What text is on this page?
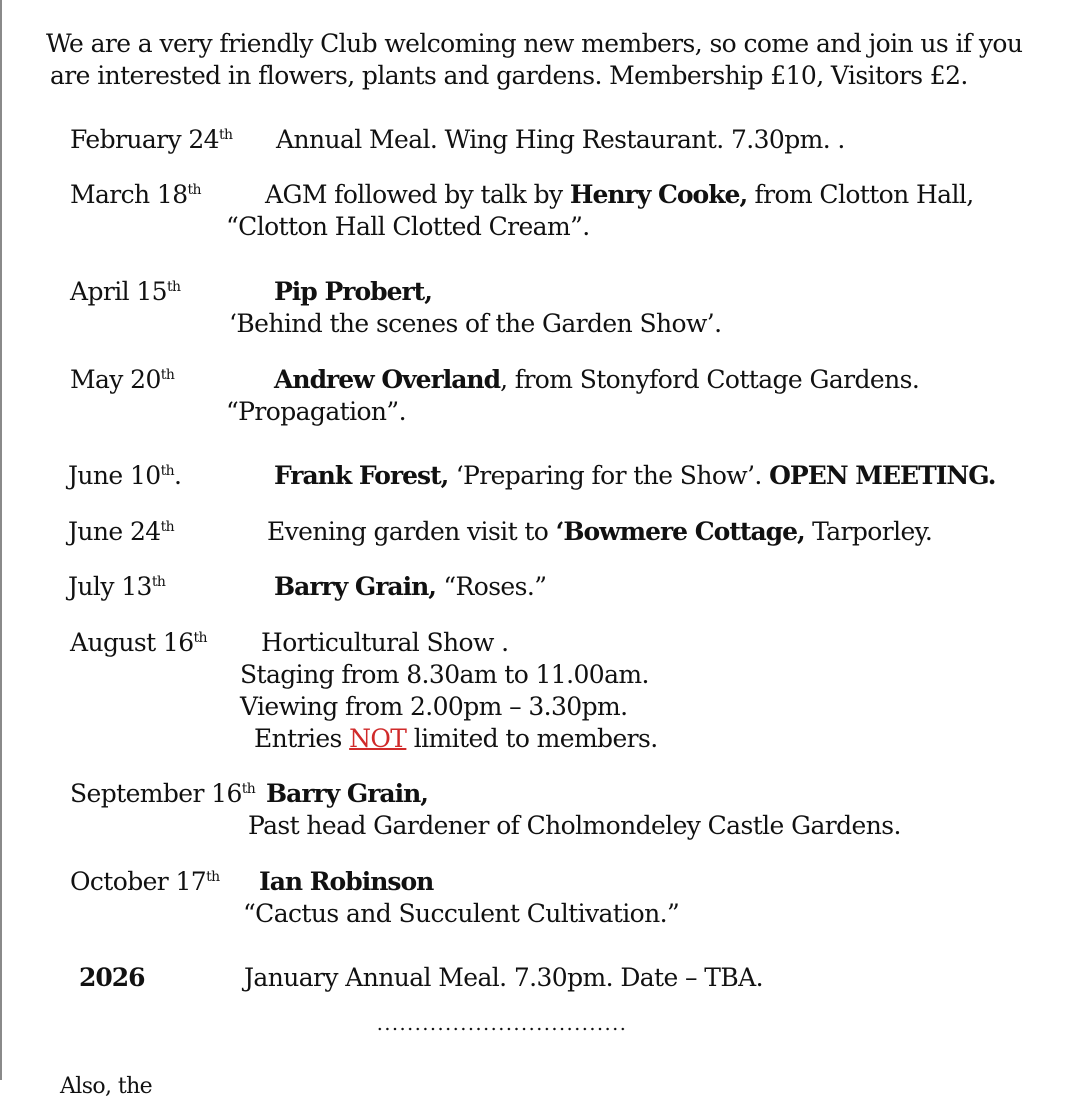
We are a very friendly Club welcoming new members, so come and join us if you
are interested in flowers, plants and gardens. Membership £10, Visitors £2.
February 24th Annual Meal. Wing Hing Restaurant. 7.30pm. .
March 18th	AGM followed by talk by Henry Cooke, from Clotton Hall,
“Clotton Hall Clotted Cream”.
April 15th	Pip Probert,
‘Behind the scenes of the Garden Show’.
May 20th	Andrew Overland, from Stonyford Cottage Gardens.
“Propagation”.
June 10th.	Frank Forest, ‘Preparing for the Show’. OPEN MEETING.
June 24th	Evening garden visit to ‘Bowmere Cottage, Tarporley.
July 13th	Barry Grain, “Roses.”
August 16th Horticultural Show .
Staging from 8.30am to 11.00am.
Viewing from 2.00pm – 3.30pm.
Entries NOT limited to members.
September 16th Barry Grain,
Past head Gardener of Cholmondeley Castle Gardens.
October 17th Ian Robinson
“Cactus and Succulent Cultivation.”
2026	January Annual Meal. 7.30pm. Date – TBA.
Also, the
